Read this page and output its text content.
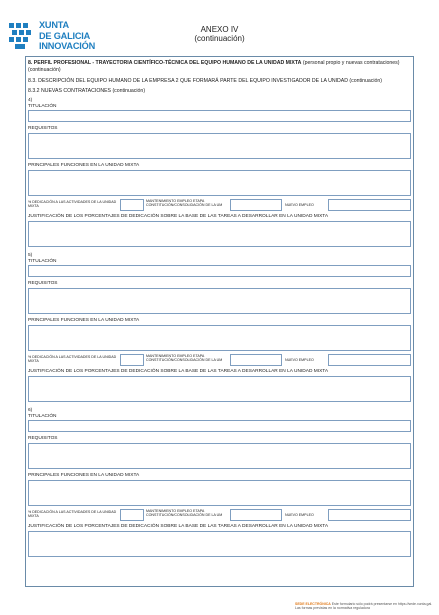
XUNTA
DE GALICIA
INNOVACIÓN
ANEXO IV
(continuación)
8. PERFIL PROFESIONAL - TRAYECTORIA CIENTÍFICO-TÉCNICA DEL EQUIPO HUMANO DE LA UNIDAD MIXTA (personal propio y nuevas contrataciones) (continuación)
8.3. DESCRIPCIÓN DEL EQUIPO HUMANO DE LA EMPRESA 2 QUE FORMARÁ PARTE DEL EQUIPO INVESTIGADOR DE LA UNIDAD (continuación)
8.3.2 NUEVAS CONTRATACIONES (continuación)
4)
TITULACIÓN
REQUISITOS
PRINCIPALES FUNCIONES EN LA UNIDAD MIXTA
% DEDICACIÓN A LAS ACTIVIDADES DE LA UNIDAD MIXTA
MANTENIMIENTO EMPLEO ETAPA CONSTITUCIÓN/CONSOLIDACIÓN DE LA UM	NUEVO EMPLEO
JUSTIFICACIÓN DE LOS PORCENTAJES DE DEDICACIÓN SOBRE LA BASE DE LAS TAREAS A DESARROLLAR EN LA UNIDAD MIXTA
5)
TITULACIÓN
REQUISITOS
PRINCIPALES FUNCIONES EN LA UNIDAD MIXTA
% DEDICACIÓN A LAS ACTIVIDADES DE LA UNIDAD MIXTA
MANTENIMIENTO EMPLEO ETAPA CONSTITUCIÓN/CONSOLIDACIÓN DE LA UM	NUEVO EMPLEO
JUSTIFICACIÓN DE LOS PORCENTAJES DE DEDICACIÓN SOBRE LA BASE DE LAS TAREAS A DESARROLLAR EN LA UNIDAD MIXTA
6)
TITULACIÓN
REQUISITOS
PRINCIPALES FUNCIONES EN LA UNIDAD MIXTA
% DEDICACIÓN A LAS ACTIVIDADES DE LA UNIDAD MIXTA
MANTENIMIENTO EMPLEO ETAPA CONSTITUCIÓN/CONSOLIDACIÓN DE LA UM	NUEVO EMPLEO
JUSTIFICACIÓN DE LOS PORCENTAJES DE DEDICACIÓN SOBRE LA BASE DE LAS TAREAS A DESARROLLAR EN LA UNIDAD MIXTA
SEDE ELECTRÓNICA Este formulario sólo podrá presentarse en https://sede.xunta.gal. Las formas previstas en la normativa reguladora
